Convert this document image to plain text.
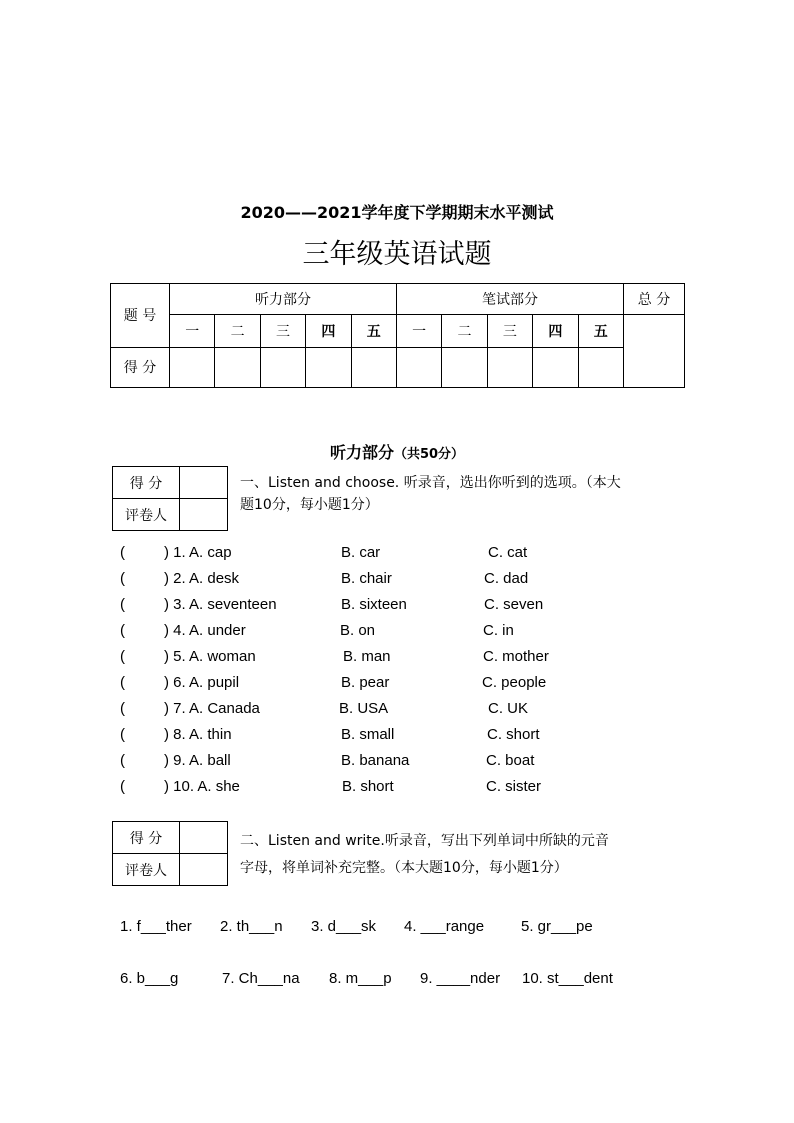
2020——2021学年度下学期期末水平测试
三年级英语试题
题 号	听力部分					笔试部分					总 分
	一	二	三	四	五	一	二	三	四	五	
得 分											
听力部分（共50分）
得 分	
评卷人	
一、Listen and choose. 听录音，选出你听到的选项。（本大
题10分，每小题1分）
(	) 1. A. cap	B. car	C. cat
(	) 2. A. desk	B. chair	C. dad
(	) 3. A. seventeen	B. sixteen	C. seven
(	) 4. A. under	B. on	C. in
(	) 5. A. woman	B. man	C. mother
(	) 6. A. pupil	B. pear	C. people
(	) 7. A. Canada	B. USA	C. UK
(	) 8. A. thin	B. small	C. short
(	) 9. A. ball	B. banana	C. boat
(	) 10. A. she	B. short	C. sister
得 分	
评卷人	
二、Listen and write.听录音，写出下列单词中所缺的元音
字母，将单词补充完整。（本大题10分，每小题1分）
1. f___ther 2. th___n 3. d___sk 4. ___range 5. gr___pe
6. b___g	7. Ch___na 8. m___p 9. ____nder 10. st___dent
